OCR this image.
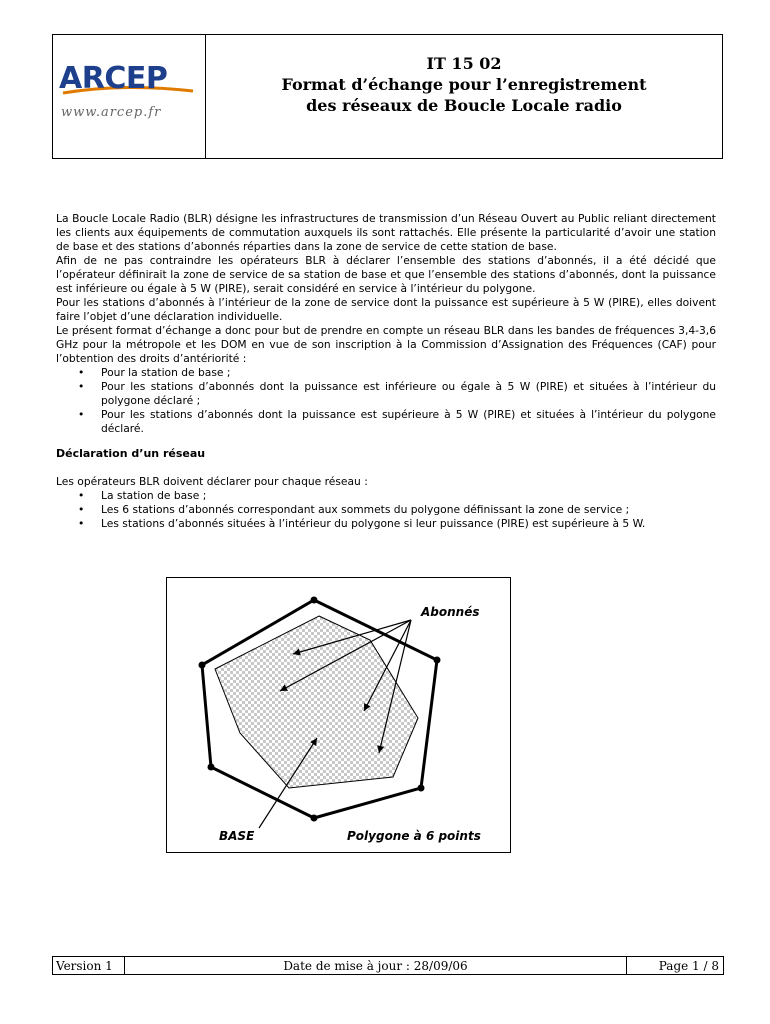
ARCEP
www.arcep.fr
IT 15 02
Format d’échange pour l’enregistrement
des réseaux de Boucle Locale radio

La Boucle Locale Radio (BLR) désigne les infrastructures de transmission d’un Réseau Ouvert au Public reliant directement les clients aux équipements de commutation auxquels ils sont rattachés. Elle présente la particularité d’avoir une station de base et des stations d’abonnés réparties dans la zone de service de cette station de base.

Afin de ne pas contraindre les opérateurs BLR à déclarer l’ensemble des stations d’abonnés, il a été décidé que l’opérateur définirait la zone de service de sa station de base et que l’ensemble des stations d’abonnés, dont la puissance est inférieure ou égale à 5 W (PIRE), serait considéré en service à l’intérieur du polygone.

Pour les stations d’abonnés à l’intérieur de la zone de service dont la puissance est supérieure à 5 W (PIRE), elles doivent faire l’objet d’une déclaration individuelle.

Le présent format d’échange a donc pour but de prendre en compte un réseau BLR dans les bandes de fréquences 3,4-3,6 GHz pour la métropole et les DOM en vue de son inscription à la Commission d’Assignation des Fréquences (CAF) pour l’obtention des droits d’antériorité :

• Pour la station de base ;
• Pour les stations d’abonnés dont la puissance est inférieure ou égale à 5 W (PIRE) et situées à l’intérieur du polygone déclaré ;
• Pour les stations d’abonnés dont la puissance est supérieure à 5 W (PIRE) et situées à l’intérieur du polygone déclaré.
Déclaration d’un réseau

Les opérateurs BLR doivent déclarer pour chaque réseau :

• La station de base ;
• Les 6 stations d’abonnés correspondant aux sommets du polygone définissant la zone de service ;
• Les stations d’abonnés situées à l’intérieur du polygone si leur puissance (PIRE) est supérieure à 5 W.
Abonnés
BASE	Polygone à 6 points
Version 1	Date de mise à jour : 28/09/06	Page 1 / 8
